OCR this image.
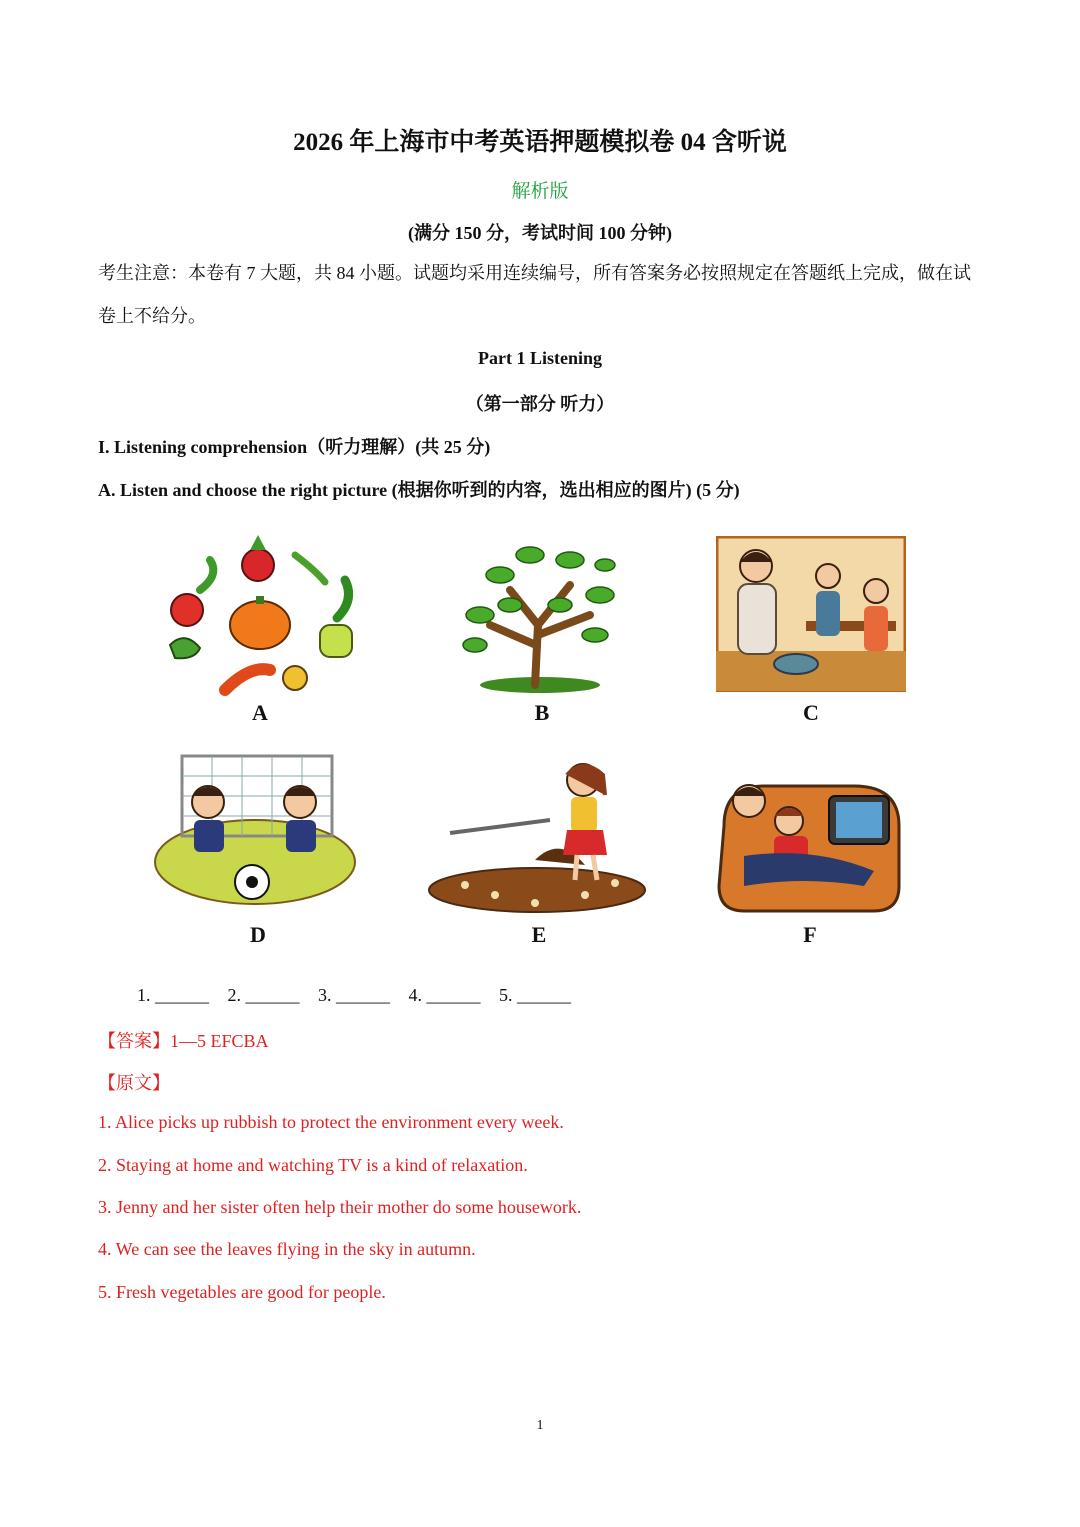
2026 年上海市中考英语押题模拟卷 04 含听说
解析版
(满分 150 分，考试时间 100 分钟)
考生注意：本卷有 7 大题，共 84 小题。试题均采用连续编号，所有答案务必按照规定在答题纸上完成，做在试卷上不给分。
Part 1 Listening
（第一部分 听力）
I. Listening comprehension（听力理解）(共 25 分)
A. Listen and choose the right picture (根据你听到的内容，选出相应的图片) (5 分)
A	B	C
D	E	F
1. ______ 2. ______ 3. ______ 4. ______ 5. ______
【答案】1—5 EFCBA
【原文】
1. Alice picks up rubbish to protect the environment every week.
2. Staying at home and watching TV is a kind of relaxation.
3. Jenny and her sister often help their mother do some housework.
4. We can see the leaves flying in the sky in autumn.
5. Fresh vegetables are good for people.
1
